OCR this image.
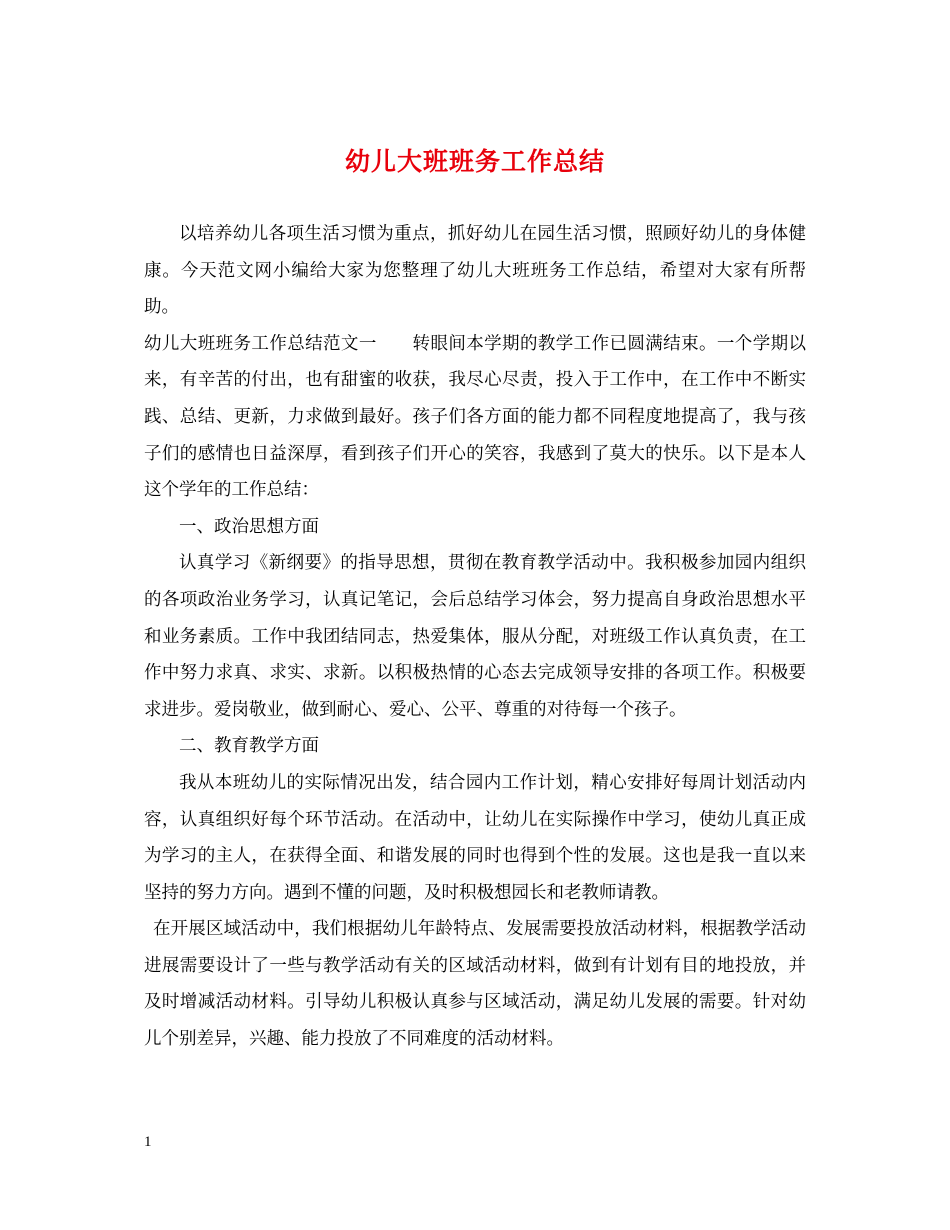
幼儿大班班务工作总结

以培养幼儿各项生活习惯为重点，抓好幼儿在园生活习惯，照顾好幼儿的身体健康。今天范文网小编给大家为您整理了幼儿大班班务工作总结，希望对大家有所帮助。

幼儿大班班务工作总结范文一　　转眼间本学期的教学工作已圆满结束。一个学期以来，有辛苦的付出，也有甜蜜的收获，我尽心尽责，投入于工作中，在工作中不断实践、总结、更新，力求做到最好。孩子们各方面的能力都不同程度地提高了，我与孩子们的感情也日益深厚，看到孩子们开心的笑容，我感到了莫大的快乐。以下是本人这个学年的工作总结：

一、政治思想方面

认真学习《新纲要》的指导思想，贯彻在教育教学活动中。我积极参加园内组织的各项政治业务学习，认真记笔记，会后总结学习体会，努力提高自身政治思想水平和业务素质。工作中我团结同志，热爱集体，服从分配，对班级工作认真负责，在工作中努力求真、求实、求新。以积极热情的心态去完成领导安排的各项工作。积极要求进步。爱岗敬业，做到耐心、爱心、公平、尊重的对待每一个孩子。

二、教育教学方面

我从本班幼儿的实际情况出发，结合园内工作计划，精心安排好每周计划活动内容，认真组织好每个环节活动。在活动中，让幼儿在实际操作中学习，使幼儿真正成为学习的主人，在获得全面、和谐发展的同时也得到个性的发展。这也是我一直以来坚持的努力方向。遇到不懂的问题，及时积极想园长和老教师请教。

在开展区域活动中，我们根据幼儿年龄特点、发展需要投放活动材料，根据教学活动进展需要设计了一些与教学活动有关的区域活动材料，做到有计划有目的地投放，并及时增减活动材料。引导幼儿积极认真参与区域活动，满足幼儿发展的需要。针对幼儿个别差异，兴趣、能力投放了不同难度的活动材料。

1
